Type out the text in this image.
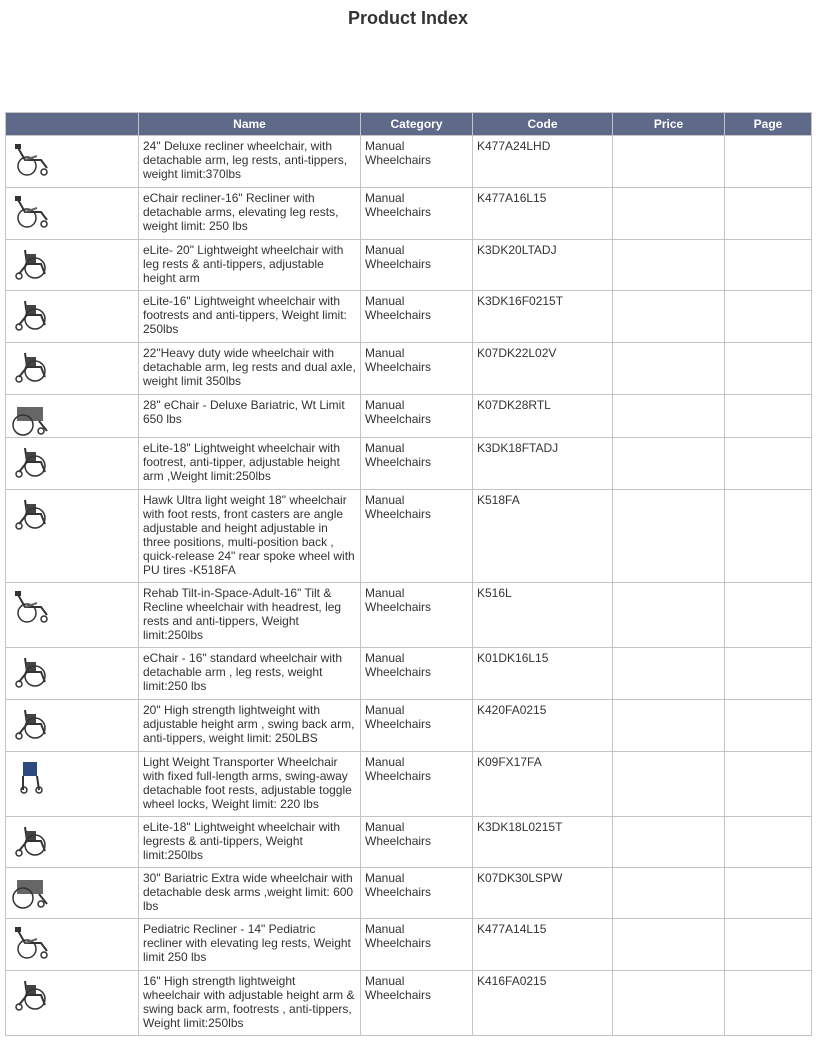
Product Index
	Name	Category	Code	Price	Page

	24" Deluxe recliner wheelchair, with detachable arm, leg rests, anti-tippers, weight limit:370lbs	Manual Wheelchairs	K477A24LHD		

	eChair recliner-16" Recliner with detachable arms, elevating leg rests, weight limit: 250 lbs	Manual Wheelchairs	K477A16L15		

	eLite- 20" Lightweight wheelchair with leg rests & anti-tippers, adjustable height arm	Manual Wheelchairs	K3DK20LTADJ		

	eLite-16" Lightweight wheelchair with footrests and anti-tippers, Weight limit: 250lbs	Manual Wheelchairs	K3DK16F0215T		

	22"Heavy duty wide wheelchair with detachable arm, leg rests and dual axle, weight limit 350lbs	Manual Wheelchairs	K07DK22L02V		

	28" eChair - Deluxe Bariatric, Wt Limit 650 lbs	Manual Wheelchairs	K07DK28RTL		

	eLite-18" Lightweight wheelchair with footrest, anti-tipper, adjustable height arm ,Weight limit:250lbs	Manual Wheelchairs	K3DK18FTADJ		

	Hawk Ultra light weight 18" wheelchair with foot rests, front casters are angle adjustable and height adjustable in three positions, multi-position back , quick-release 24" rear spoke wheel with PU tires -K518FA	Manual Wheelchairs	K518FA		

	Rehab Tilt-in-Space-Adult-16" Tilt & Recline wheelchair with headrest, leg rests and anti-tippers, Weight limit:250lbs	Manual Wheelchairs	K516L		

	eChair - 16" standard wheelchair with detachable arm , leg rests, weight limit:250 lbs	Manual Wheelchairs	K01DK16L15		

	20" High strength lightweight with adjustable height arm , swing back arm, anti-tippers, weight limit: 250LBS	Manual Wheelchairs	K420FA0215		

	Light Weight Transporter Wheelchair with fixed full-length arms, swing-away detachable foot rests, adjustable toggle wheel locks, Weight limit: 220 lbs	Manual Wheelchairs	K09FX17FA		

	eLite-18" Lightweight wheelchair with legrests & anti-tippers, Weight limit:250lbs	Manual Wheelchairs	K3DK18L0215T		

	30" Bariatric Extra wide wheelchair with detachable desk arms ,weight limit: 600 lbs	Manual Wheelchairs	K07DK30LSPW		

	Pediatric Recliner - 14" Pediatric recliner with elevating leg rests, Weight limit 250 lbs	Manual Wheelchairs	K477A14L15		

	16" High strength lightweight wheelchair with adjustable height arm & swing back arm, footrests , anti-tippers, Weight limit:250lbs	Manual Wheelchairs	K416FA0215		
